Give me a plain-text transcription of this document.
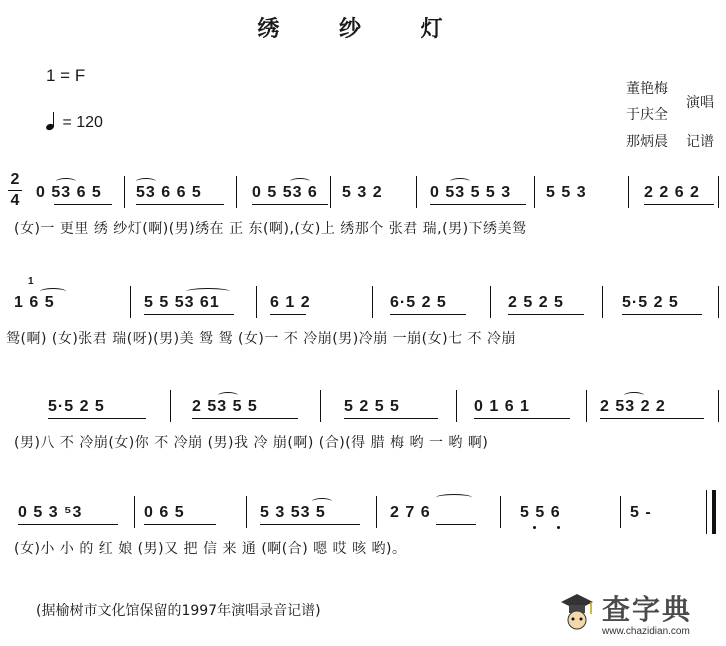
绣 纱 灯
1 = F
= 120
董艳梅
于庆全
演唱
那炳晨 记谱
2
4 0 53 6 5 53 6 6 5	0 5 53 6 5 3 2	0 53 5 5 3 5 5 3	2 2 6 2
(女)一 更里 绣 纱灯(啊)(男)绣在 正 东(啊),(女)上 绣那个 张君 瑞,(男)下绣美鸳
1
1 6 5	5 5 53 61	6 1 2	6·5 2 5	2 5 2 5	5·5 2 5
鸳(啊) (女)张君 瑞(呀)(男)美 鸳 鸳 (女)一 不 冷崩(男)冷崩 一崩(女)七 不 冷崩
5·5 2 5	2 53 5 5	5 2 5 5	0 1 6 1	2 53 2 2
(男)八 不 冷崩(女)你 不 冷崩 (男)我 冷 崩(啊) (合)(得 腊 梅 哟 一 哟 啊)
0 5 3 ⁵3	0 6 5	5 3 53 5	2 7 6	5 5 6	5 -
(女)小 小 的 红 娘 (男)又 把 信 来 通 (啊(合) 嗯 哎 咳 哟)。
(据榆树市文化馆保留的1997年演唱录音记谱)	查字典
www.chazidian.com
